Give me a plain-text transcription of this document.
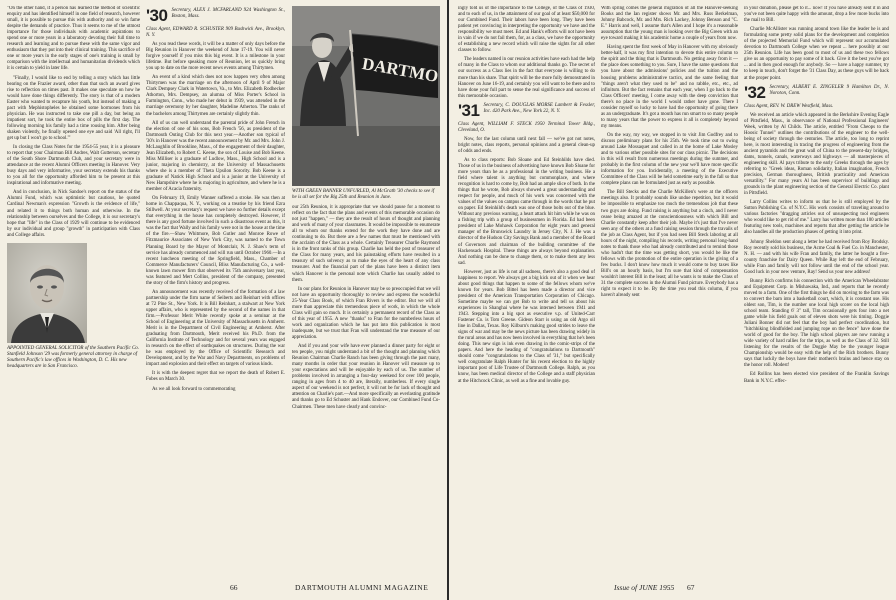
"On the other hand, if a person has learned the method of scientific enquiry and has identified himself in one field of research, however small, it is possible to pursue this with authority and so win fame despite the demands of practice. Thus it seems to me of the utmost importance for those individuals with academic aspirations to spend one or more years in a laboratory devoting their full time to research and learning and to pursue these with the same vigor and enthusiasm that they put into their clinical training. This sacrifice of one or more years in the early stages of one's training is small by comparison with the intellectual and humanitarian dividends which it is certain to yield in later life.

"Finally, I would like to end by telling a story which has little bearing on the Frazier award, other than that such an award gives rise to reflection on times past. It makes one speculate on how he would have done things differently. The story is that of a modern Easter who wanted to recapture his youth, but instead of making a pact with Mephistopheles he obtained some hormones from his physician. He was instructed to take one pill a day, but being an impatient sort, he took the entire box of pills the first day. The following morning his family had a time rousing him. After being shaken violently, he finally opened one eye and said 'All right, I'll get up but I won't go to school.'"

In closing the Class Notes for the 1954-55 year, it is a pleasure to report that your Chairman Bill Andres, Walt Gutterson, secretary of the South Shore Dartmouth Club, and your secretary were in attendance at the recent Alumni Officers meeting in Hanover. Very busy days and very informative, your secretary extends his thanks to you all for the opportunity afforded him to be present at this inspirational and informative meeting.

And in conclusion, in Nick Sandoe's report on the status of the Alumni Fund, which was optimistic but cautious, he quoted Cardinal Newman's expression "Growth is the evidence of life," and related it to things both human and otherwise. In the relationship between ourselves and the College, it is our secretary's hope that "life" in the Class of 1929 will continue to be evidenced by our individual and group "growth" in participation with Class and College affairs.

APPOINTED GENERAL SOLICITOR of the Southern Pacific Co. Stanfield Johnson '29 was formerly general attorney in charge of Southern Pacific's law offices in Washington, D. C. His new headquarters are in San Francisco.
'30 Secretary, ALEX J. MCFARLAND 924 Washington St., Boston, Mass.
Class Agent, EDWARD R. SCHUSTER 909 Bushwick Ave., Brooklyn, N. Y.

As you read these words, it will be a matter of only days before the Big Reunion in Hanover the weekend of June 17-19. You will never forgive yourself if you miss this big event. It is a milestone in your lifetime. But before speaking more of Reunion, let us quickly bring you up to date on the more recent news events among Thirtymen.

An event of a kind which does not now happen very often among Thirtymen was the marriage on the afternoon of April 9 of Major Clark Dempsey Clark in Watertown, Va., to Mrs. Elizabeth Rodhecker Athorton, Mrs. Dempsey, an alumna of Miss Porter's School in Farmington, Conn., who made her debut in 1939, was attended in the marriage ceremony by her daughter, Madeline Atherton. The ranks of the bachelors among Thirtymen are certainly slightly thin.

All of us can well understand the parental pride of John French in the election of one of his sons, Bob French '56, as president of the Dartmouth Outing Club for this next year.—Another son typical of '30's in Hanover was the recent announcement by Mr. and Mrs. John J. McLaughlin of Brookline, Mass., of the engagement of their daughter, Jean Elizabeth, to Robert C. Keene, the son of Louise and Bob Keene. Miss Milliser is a graduate of Ludlow, Mass., High School and is a junior, majoring in chemistry, at the University of Massachusetts where she is a member of Theta Upsilon Sorority. Bob Keene is a graduate of Natick High School and is a junior at the University of New Hampshire where he is majoring in agriculture, and where he is a member of Acacia fraternity.

On February 19, Emily Wanner suffered a stroke. He was then at home in Chappaqua, N. Y., working on a treatise by his friend Ezra Stillwell. At your secretary's request we have no further details except that everything in the house has completely destroyed. However, if there is any good fortune involved in such a disastrous event as this, it was the fact that Wally and his family were not in the house at the time of the fire.—Shaw Whitmore, Bob Gutler and Monroe Rowe of Fitzmaurice Associates of New York City, was named to the Town Planning Board by the Mayor of Montclair, N. J. Shaw's term of service has already commenced and will run until October 1960.—In a recent luncheon meeting of the Springfield, Mass., Chamber of Commerce Manufacturers' Council, Bliss Manufacturing Co., a well-known lawn mower firm that observed its 75th anniversary last year, was featured and Mert Collins, president of the company, presented the story of the firm's history and progress.

An announcement was recently received of the formation of a law partnership under the firm name of Seiberts and Reinhart with offices at 72 Pine St., New York. It is Bill Reinhart, a stalwart at New York upper affairs, who is represented by the second of the names in that firm.—Professor Merit White recently spoke at a seminar at the School of Engineering at the University of Massachusetts in Amherst. Merit is in the Department of Civil Engineering at Amherst. After graduating from Dartmouth, Merit received his Ph.D. from the California Institute of Technology and for several years was engaged in research on the effect of earthquakes on structures. During the war he was employed by the Office of Scientific Research and Development, and by the War and Navy Departments, on problems of impact and explosion and their effect on targets of various kinds.

It is with the deepest regret that we report the death of Robert E. Fobes on March 30.

As we all look forward to commemorating

DARTMO
WITH GREEN BANNER UNFURLED, Al McGrath '30 checks to see if he is all set for the Big 25th and Reunion in June.

our 25th Reunion, it is appropriate that we should pause for a moment to reflect on the fact that the plans and events of this memorable occasion do not just "happen," — they are the result of hours of thought and planning and work of many of your classmates. It would be impossible to enumerate all to whom our thanks extend for the work they have done and are continuing to do. But there are a few names that must be mentioned with the acclaim of the Class as a whole. Certainly Treasurer Charlie Raymond is in the front ranks of this group. Charlie has held the post of treasurer of the Class for many years, and his painstaking efforts have resulted in a treasury of such solvency as to make the eyes of the heart of any class treasurer. And the financial part of the plans have been a distinct item which Hanover is the personal note which Charlie has usually added to them.

In our plans for Reunion in Hanover may be so preoccupied that we will not have an opportunity thoroughly to review and express the wonderful 25-Year Class Book, of which Fran Rivers is the editor. But we will all more than appreciate this tremendous piece of work, in which the whole Class will gain so much. It is certainly a permanent record of the Class as of this year of 1955. A new "thanks" to Fran for the numberless hours of work and organization which he has put into this publication is most inadequate, but we trust that Fran will understand the true measure of our appreciation.

And if you and your wife have ever planned a dinner party for eight or ten people, you might understand a bit of the thought and planning which Reunion Chairman Charlie Ranch has been giving through the past many, many months in order that your reunion in Hanover will measure up to your expectations and will be enjoyable by each of us. The number of problems involved in arranging a four-day weekend for over 100 people, ranging in ages from 4 to 40 are, literally, numberless. If every single aspect of our weekend is not perfect, it will not be for lack of thought and attention on Charlie's part.—And more specifically an everlasting gratitude and thanks go to Ed Schuster and Hank Endover, our Combined Fund Co-Chairmen. These men have clearly and convinc-

66	DARTMOUTH ALUMNI MAGAZINE

ingly told us of the importance to the College, of the Class of 1930, and to each of us, in the attainment of our goal of at least $50,000 for our Combined Fund. Their labors have been long. They have been patient yet convincing in interpreting the opportunity we have and the responsibility we must meet. Ed and Hank's efforts will not have been in vain if we do not fail them, for, as a class, we have the opportunity of establishing a new record which will raise the sights for all other classes to follow.

The leaders named in our reunion activities have each had the help of many in the Class to whom our additional thanks go. The secret of our success as a Class lies in the fact that everyone is willing to do more than his share. That spirit will be the more fully demonstrated in Hanover on June 16-19, and certainly you will want to be there and to have done your full part to sense the real significance and success of this memorable occasion.

'31 Secretary, C. DOUGLAS MORSE Lambert & Fessler, Inc. 420 Park Ave., New York 22, N. Y.
Class Agent, WILLIAM F. STECK 1950 Terminal Tower Bldg., Cleveland, O.

Now, for the last column until next fall — we've got not notes, bright notes, class reports, personal opinions and a general clean-up of odds and ends.

As to class reports: Bob Sloane and Ed Steinhilds have died. Those of us in the business of advertising have known Bob Sloane for more years than he as a professional in the writing business. He a field where talent is anything but commonplace, and where recognition is hard to come by, Bob had an ample slice of both. In the things that he wrote, Bob always showed a great understanding and respect for people, and much of his work was concerned with the values of the values on campus came through in the words that he put on paper. Ed Steinhild's death was one of those bolts out of the blue. Without any previous warning, a heart attack hit him while he was on a fishing trip with a group of businessmen in Florida. Ed had been president of Lake Mohawk Corporation for eight years and general manager of the Brunswick Laundry in Jersey City, N. J. He was a director of the Hudson City Savings Bank and a member of the Board of Governors and chairman of the building committee of the Hackensack Hospital. These things are always beyond explanation. And nothing can be done to change them, or to make them any less sad.

However, just as life is not all sadness, there's also a good deal of happiness to report. We always get a big kick out of it when we hear about good things that happen to some of the fellows whom we've known for years. Bob Bittel has been made a director and vice president of the American Transportation Corporation of Chicago. Sometime maybe we can get Bob to write and tell us about his experiences in Shanghai where he was interned between 1941 and 1943. Stepping into a big spot as executive v.p. of United-Carr Fastener Co. is Tom Greene. Gideon Starr is using an old Argo oil line in Dallas, Texas. Roy Kilburn's making good strides to leave the signs of war and may be the news picture has been drawing widely in the rural areas and has now been involved in everything that he's been doing. This new sign is ink even drawing in the comic-strips of the papers. And here the heading of "congratulations to Dartmouth" should come "congratulations to the Class of '31," but specifically well congratulate Ralph Hunter for his recent election to the highly important post of Life Trustee of Dartmouth College. Ralph, as you know, has been medical director of the College and a staff physician at the Hitchcock Clinic, as well as a fine and lovable guy.

With spring comes the general migration of all the Hanover-seeking Books and the Ian register shows Mr. and Mrs. Russ Berkelman, Johnny Babcock, Mr. and Mrs. Rich Lackey, Johnny Benson and "C. E." Harris and well, I assume that's Allen and I hope it's a reasonable assumption that the young man is looking over the Big Green with an eye toward making it his academic home a couple of years from now.

Having spent the first week of May in Hanover with my obviously better-half, it was my first intention to devote this entire column to the spirit and the thing that is Dartmouth. No getting away from it — the place does something to you. Sure, I have the same questions that you have about the admissions' policies and the tuition and the housing problems administrative tactics, and the same feeling that "things aren't what they used to be" and no rabble, etc., etc., ad infinitum. But the fact remains that each year, when I go back to the Class Officers' meeting, I come away with the deep conviction that there's no place in the world I would rather have gone. There I consider myself so lucky to have had the opportunity of going there as an undergraduate. It's got a mouth has run smart to so many people to many years that the power to express it all is completely beyond my means.

On the way, my way, we stopped in to visit Jim Godfrey and to discuss preliminary plans for his 25th. We took time out to swing around Lake Mossaquet and called in at the home of Lake Mosley and to various other possible sites for our class picnic. The decisions in this will result from numerous meetings during the summer, and probably in the first column of the new year we'll have more specific information for you. Incidentally, a meeting of the Executive Committee of the Class will be held sometime early in the fall so that complete plans can be formulated just as early as possible.

The Bill Stecks and the Charlie McKillen's were at the officers meetings also. It probably sounds like undue repetition, but it would be impossible to emphasize too much the tremendous job that these two guys are doing. Fund raising is anything but a cinch, and I never cease being amazed at the conscientiousness with which Bill and Charlie constantly keep after their job. Maybe it's just that I've never seen any of the others at a fund raising session through the travails of the job as Class Agent, but if you had seen Bill Steck laboring at all hours of the night, compiling his records, writing personal long-hand notes to thank those who had already contributed and to remind those who hadn't that the time was getting short, you would be like the fellows with the promotion of the entire operation is the giving of a few bucks. I don't know how much it would come to buy taxes like Bill's on an hourly basis, but I'm sure that kind of compensation wouldn't interest Bill in the least; all he wants is to make the Class of 31 the complete success in the Alumni Fund picture. Everybody has a right to expect it to be. By the time you read this column, if you haven't already sent

in your donation, please get to it... now! If you have already sent it in and you've not been quite happy with the amount, drop a few more bucks into the mail to Bill.

Charlie McAllister was running around town like the leader he is and formulating some pretty solid plans for the development and completion of the projected Memorial Fund which will represent our accumulated devotion to Dartmouth College when we repeat ... here possibly at our 25th Reunion. Life has been good to most of us and these two fellows give us an opportunity to pay some of it back. Give it the best you've got ... and in then good enough for anybody. So — have a happy summer, try to keep in touch, don't forget the '31 Class Day, as these guys will be back at the proper point.

'32 Secretary, ALBERT E. ZINGELER 9 Hamilton Dr., N. Noroton, Conn.
Class Agent, REV. W. DREW Westfield, Mass.

We received an article which appeared in the Berkshire Evening Eagle of Pittsfield, Mass., in observance of National Professional Engineers' Week, written by Al Childs. The article, entitled "From Cheops to the Hoosic Tunnel" outlines the contributions of the engineer to the well-being of society through the centuries. The article, too long to reprint here, is most interesting in tracing the progress of engineering from the ancient pyramids and the great wall of China to the present-day bridges, dams, tunnels, canals, waterways and highways — all masterpieces of engineering skill. Al pays tribute to the early Greeks through the ages by referring to "Greek ideas, Roman solidarity, Italian imagination, French precision, German thoroughness, British practicality and American versatility." For many years Al has been supervisor of buildings and grounds in the plant engineering section of the General Electric Co. plant in Pittsfield.

Larry Collins writes to inform us that he is still employed by the Sutton Publishing Co. of N.Y.C. His work consists of traveling around to various factories "dragging articles out of unsuspecting tool engineers who would like to get rid of me." Larry has written more than 100 articles featuring new tools, machines and reports that after getting the article he also handles all the production phases of getting it into print.

Johnny Sheldon sent along a letter he had received from Roy Brodsky. Roy recently sold his business, the Acme Coal & Fuel Co. in Manchester, N. H. — and with his wife Fran and family, the latter he bought a five-county franchise for Dairy Queen. While Ray left the end of February, while Fran and family will not follow until the end of the school year. Good luck in your new venture, Ray! Send us your new address!

Bunny Rich confirms his connection with the American Wheelabrator and Equipment Corp. in Mishawaka, Ind., and reports that he recently moved to a farm. One of the first things he did on moving to the farm was to convert the barn into a basketball court, which, it is constant use. His oldest son, Tim, is the number one local high scorer on the local high school team. Standing 6' 3" tall, Tim occasionally gets four into a net game while his field goals out of eleven shots were his timing. Doggie Juliani Bonner did not feel that the boy had perfect coordination, but "hitchhiking blindfolded and jumping rope on the fence" have done the world of good for the boy. The high school players are now running a wide variety of hard rallies for the trips, as well as the Class of 32. Still listening for the results of the Doggie May be the younger league Championship would be easy with the help of the Rich brothers. Bunny says that luckily the boys have their mothers's brains and hence stay on the honor roll. Modest!

Ed Rollins has been elected vice president of the Franklin Savings Bank in N.Y.C. effec-

Issue of JUNE 1955 67
